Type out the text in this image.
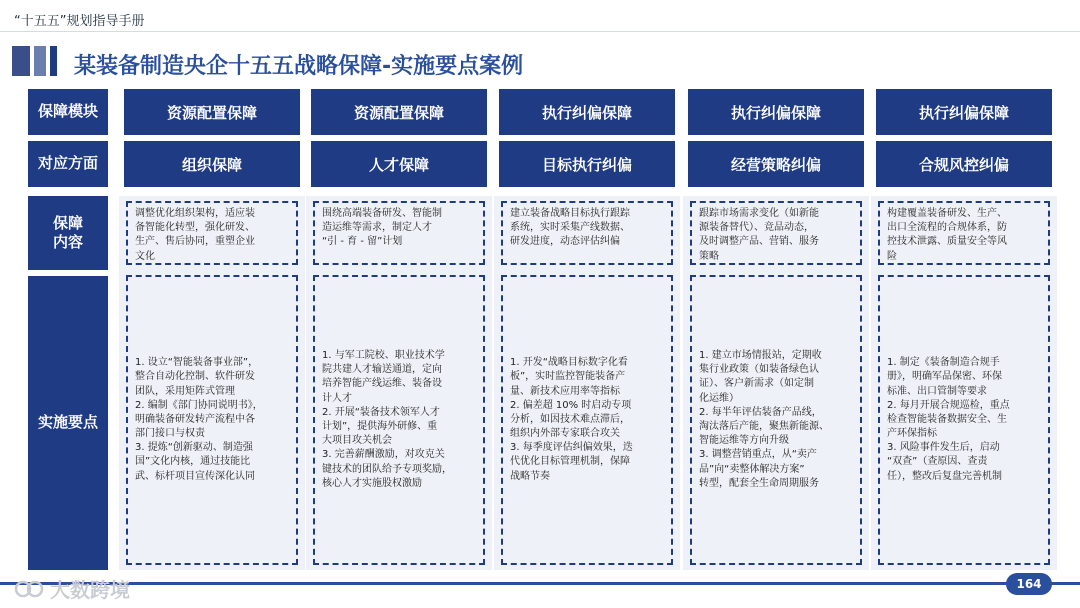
“十五五”规划指导手册
某装备制造央企十五五战略保障-实施要点案例
保障模块
对应方面
保障
内容
实施要点
资源配置保障
组织保障
调整优化组织架构，适应装
备智能化转型，强化研发、
生产、售后协同，重塑企业
文化
1. 设立“智能装备事业部”，
整合自动化控制、软件研发
团队，采用矩阵式管理
2. 编制《部门协同说明书》，
明确装备研发转产流程中各
部门接口与权责
3. 提炼“创新驱动、制造强
国”文化内核，通过技能比
武、标杆项目宣传深化认同
资源配置保障
人才保障
围绕高端装备研发、智能制
造运维等需求，制定人才
“引 - 育 - 留”计划
1. 与军工院校、职业技术学
院共建人才输送通道，定向
培养智能产线运维、装备设
计人才
2. 开展“装备技术领军人才
计划”，提供海外研修、重
大项目攻关机会
3. 完善薪酬激励，对攻克关
键技术的团队给予专项奖励，
核心人才实施股权激励
执行纠偏保障
目标执行纠偏
建立装备战略目标执行跟踪
系统，实时采集产线数据、
研发进度，动态评估纠偏
1. 开发“战略目标数字化看
板”，实时监控智能装备产
量、新技术应用率等指标
2. 偏差超 10% 时启动专项
分析，如因技术难点滞后，
组织内外部专家联合攻关
3. 每季度评估纠偏效果，迭
代优化目标管理机制，保障
战略节奏
执行纠偏保障
经营策略纠偏
跟踪市场需求变化（如新能
源装备替代）、竞品动态，
及时调整产品、营销、服务
策略
1. 建立市场情报站，定期收
集行业政策（如装备绿色认
证）、客户新需求（如定制
化运维）
2. 每半年评估装备产品线，
淘汰落后产能，聚焦新能源、
智能运维等方向升级
3. 调整营销重点，从“卖产
品”向“卖整体解决方案”
转型，配套全生命周期服务
执行纠偏保障
合规风控纠偏
构建覆盖装备研发、生产、
出口全流程的合规体系，防
控技术泄露、质量安全等风
险
1. 制定《装备制造合规手
册》，明确军品保密、环保
标准、出口管制等要求
2. 每月开展合规巡检，重点
检查智能装备数据安全、生
产环保指标
3. 风险事件发生后，启动
“双查”（查原因、查责
任），整改后复盘完善机制
大数跨境	164
